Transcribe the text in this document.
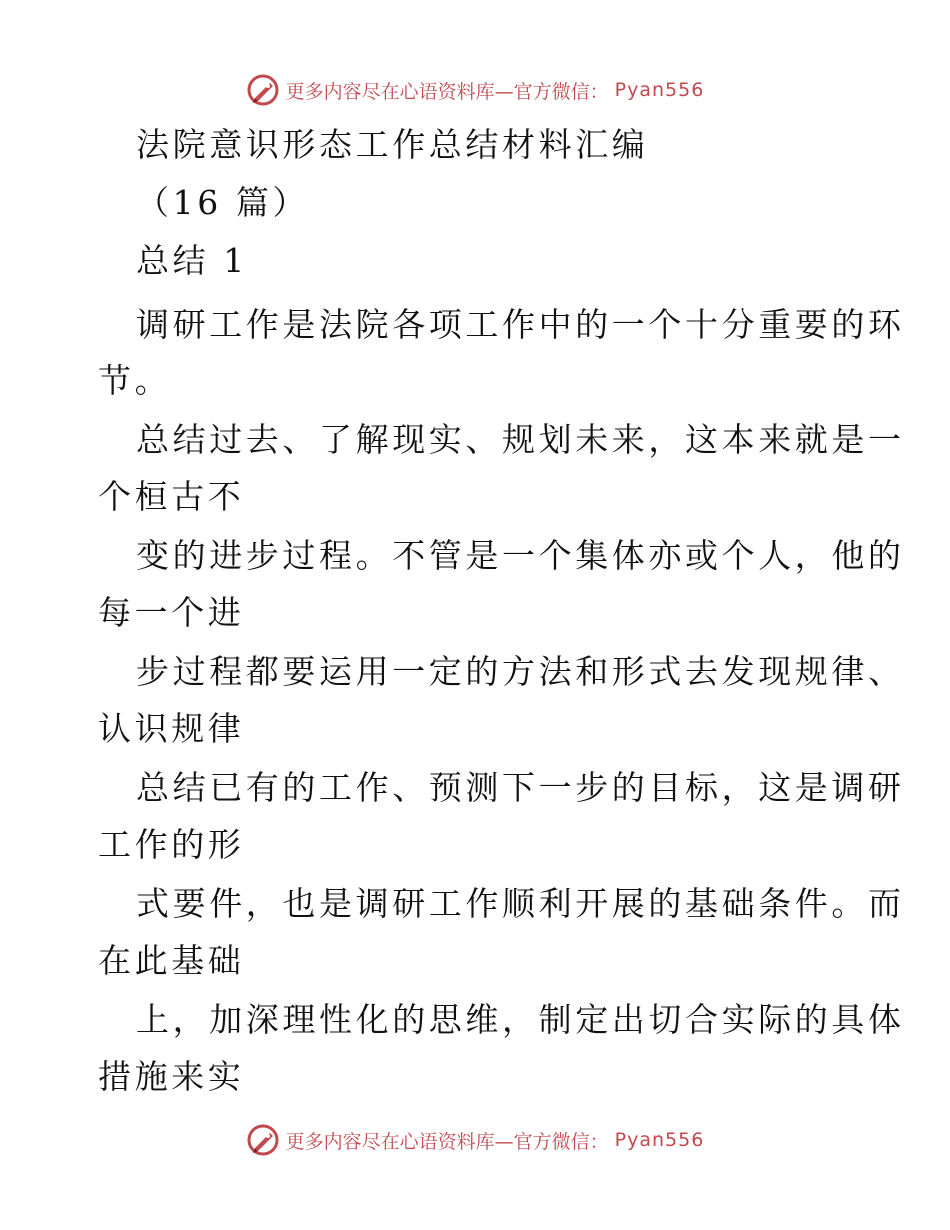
更多内容尽在心语资料库—官方微信： Pyan556
法院意识形态工作总结材料汇编
（16 篇）
总结 1
调研工作是法院各项工作中的一个十分重要的环
节。
总结过去、了解现实、规划未来，这本来就是一
个桓古不
变的进步过程。不管是一个集体亦或个人，他的
每一个进
步过程都要运用一定的方法和形式去发现规律、
认识规律
总结已有的工作、预测下一步的目标，这是调研
工作的形
式要件，也是调研工作顺利开展的基础条件。而
在此基础
上，加深理性化的思维，制定出切合实际的具体
措施来实
更多内容尽在心语资料库—官方微信： Pyan556
